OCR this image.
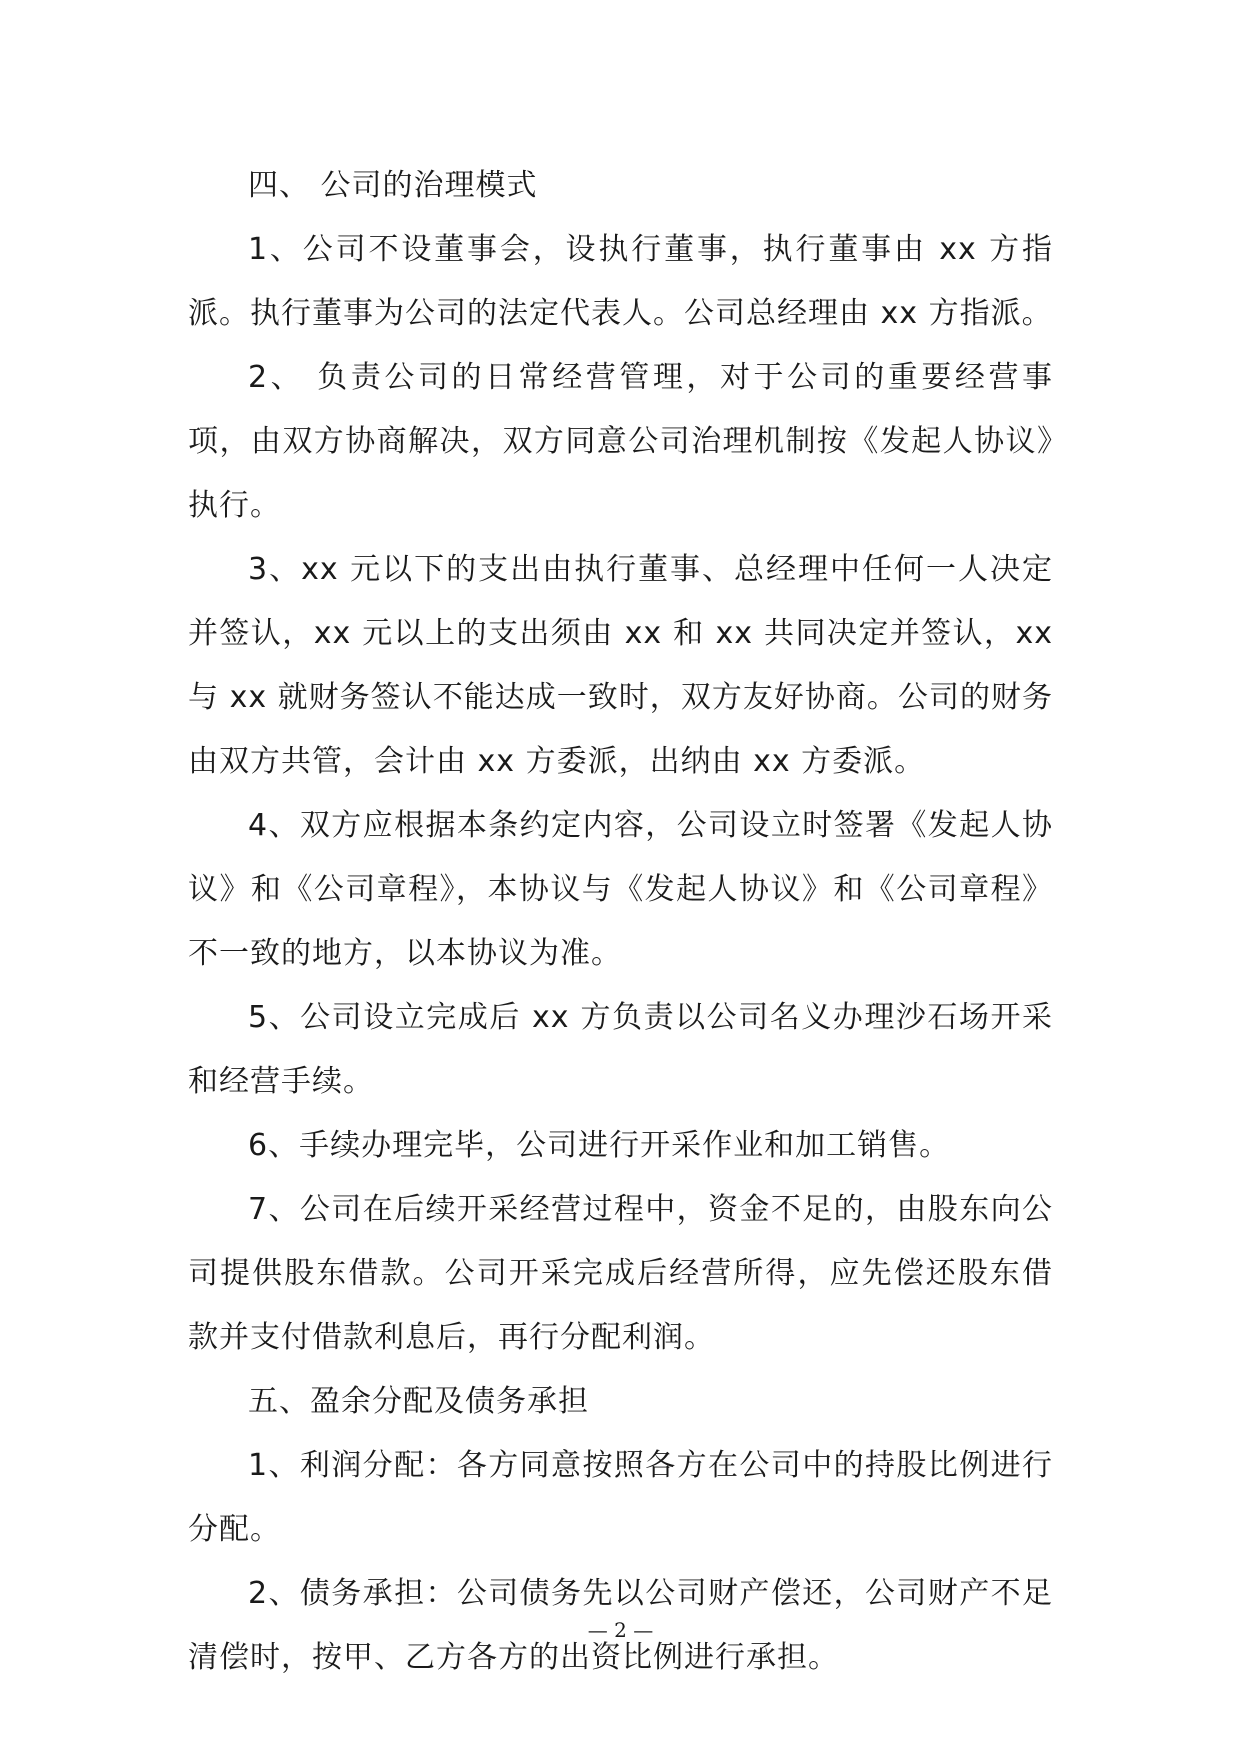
四、 公司的治理模式

1、公司不设董事会，设执行董事，执行董事由 xx 方指派。执行董事为公司的法定代表人。公司总经理由 xx 方指派。

2、 负责公司的日常经营管理，对于公司的重要经营事项，由双方协商解决，双方同意公司治理机制按《发起人协议》执行。

3、xx 元以下的支出由执行董事、总经理中任何一人决定并签认，xx 元以上的支出须由 xx 和 xx 共同决定并签认，xx 与 xx 就财务签认不能达成一致时，双方友好协商。公司的财务由双方共管，会计由 xx 方委派，出纳由 xx 方委派。

4、双方应根据本条约定内容，公司设立时签署《发起人协议》和《公司章程》，本协议与《发起人协议》和《公司章程》不一致的地方，以本协议为准。

5、公司设立完成后 xx 方负责以公司名义办理沙石场开采和经营手续。

6、手续办理完毕，公司进行开采作业和加工销售。

7、公司在后续开采经营过程中，资金不足的，由股东向公司提供股东借款。公司开采完成后经营所得，应先偿还股东借款并支付借款利息后，再行分配利润。

五、盈余分配及债务承担

1、利润分配：各方同意按照各方在公司中的持股比例进行分配。

2、债务承担：公司债务先以公司财产偿还，公司财产不足清偿时，按甲、乙方各方的出资比例进行承担。

— 2 —
